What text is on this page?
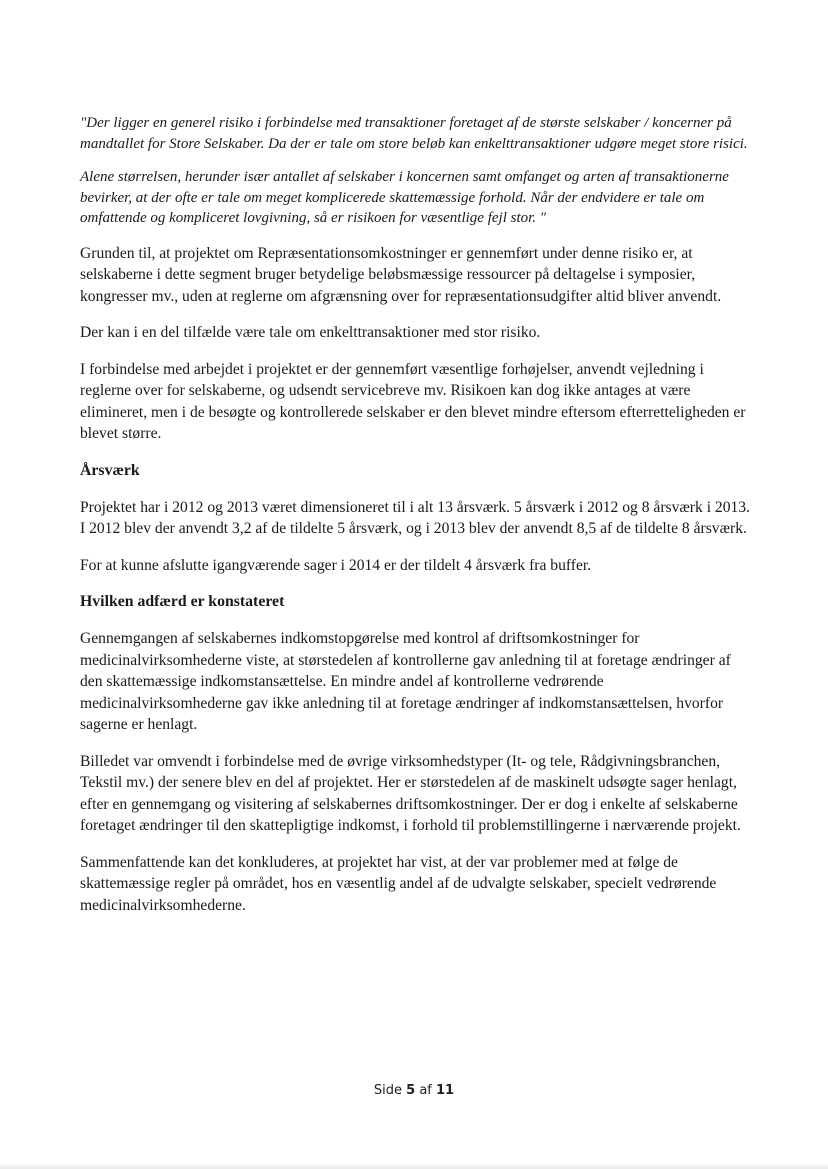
"Der ligger en generel risiko i forbindelse med transaktioner foretaget af de største selskaber / koncerner på mandtallet for Store Selskaber. Da der er tale om store beløb kan enkelttransaktioner udgøre meget store risici.

Alene størrelsen, herunder især antallet af selskaber i koncernen samt omfanget og arten af transaktionerne bevirker, at der ofte er tale om meget komplicerede skattemæssige forhold. Når der endvidere er tale om omfattende og kompliceret lovgivning, så er risikoen for væsentlige fejl stor. "

Grunden til, at projektet om Repræsentationsomkostninger er gennemført under denne risiko er, at selskaberne i dette segment bruger betydelige beløbsmæssige ressourcer på deltagelse i symposier, kongresser mv., uden at reglerne om afgrænsning over for repræsentationsudgifter altid bliver anvendt.

Der kan i en del tilfælde være tale om enkelttransaktioner med stor risiko.

I forbindelse med arbejdet i projektet er der gennemført væsentlige forhøjelser, anvendt vejledning i reglerne over for selskaberne, og udsendt servicebreve mv. Risikoen kan dog ikke antages at være elimineret, men i de besøgte og kontrollerede selskaber er den blevet mindre eftersom efterretteligheden er blevet større.

Årsværk

Projektet har i 2012 og 2013 været dimensioneret til i alt 13 årsværk. 5 årsværk i 2012 og 8 årsværk i 2013. I 2012 blev der anvendt 3,2 af de tildelte 5 årsværk, og i 2013 blev der anvendt 8,5 af de tildelte 8 årsværk.

For at kunne afslutte igangværende sager i 2014 er der tildelt 4 årsværk fra buffer.

Hvilken adfærd er konstateret

Gennemgangen af selskabernes indkomstopgørelse med kontrol af driftsomkostninger for medicinalvirksomhederne viste, at størstedelen af kontrollerne gav anledning til at foretage ændringer af den skattemæssige indkomstansættelse. En mindre andel af kontrollerne vedrørende medicinalvirksomhederne gav ikke anledning til at foretage ændringer af indkomstansættelsen, hvorfor sagerne er henlagt.

Billedet var omvendt i forbindelse med de øvrige virksomhedstyper (It- og tele, Rådgivningsbranchen, Tekstil mv.) der senere blev en del af projektet. Her er størstedelen af de maskinelt udsøgte sager henlagt, efter en gennemgang og visitering af selskabernes driftsomkostninger. Der er dog i enkelte af selskaberne foretaget ændringer til den skattepligtige indkomst, i forhold til problemstillingerne i nærværende projekt.

Sammenfattende kan det konkluderes, at projektet har vist, at der var problemer med at følge de skattemæssige regler på området, hos en væsentlig andel af de udvalgte selskaber, specielt vedrørende medicinalvirksomhederne.

Side 5 af 11
